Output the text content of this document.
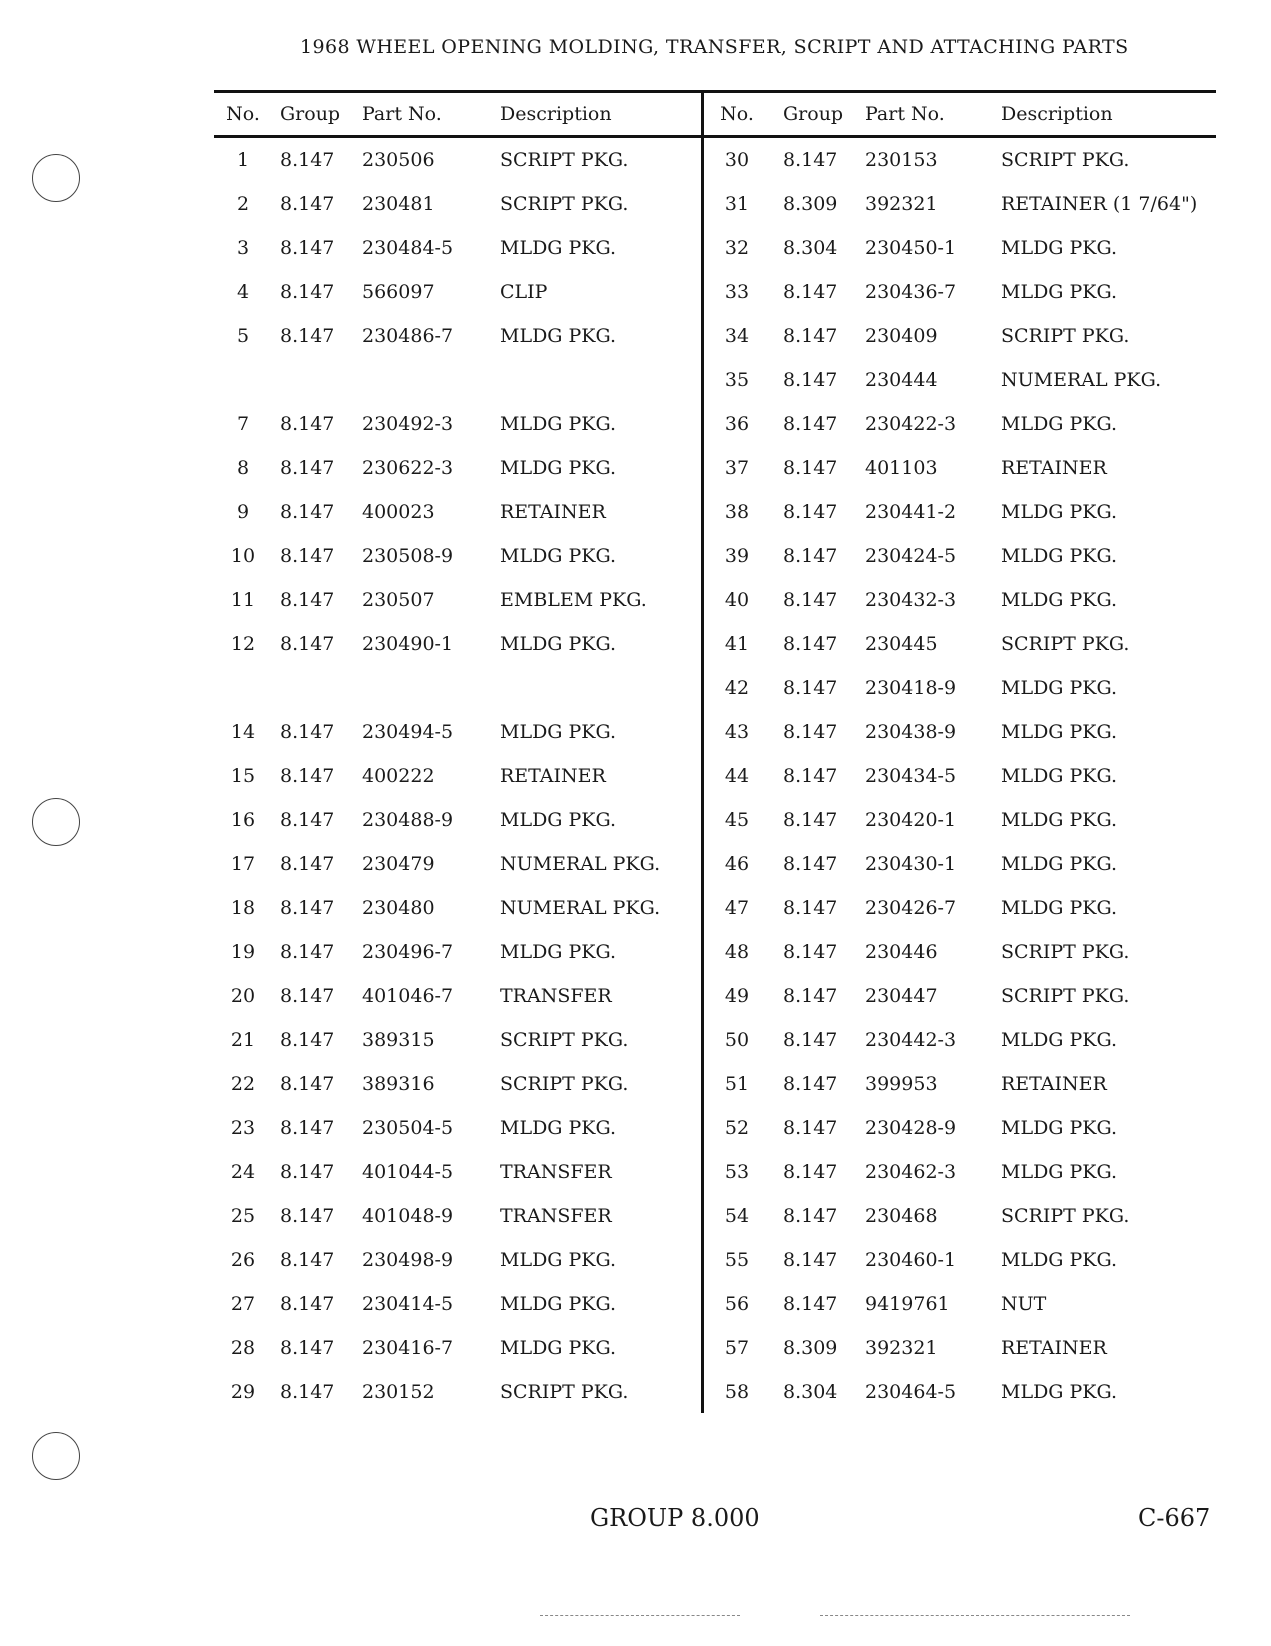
1968 WHEEL OPENING MOLDING, TRANSFER, SCRIPT AND ATTACHING PARTS
No.	Group	Part No.	Description
1	8.147	230506	SCRIPT PKG.
2	8.147	230481	SCRIPT PKG.
3	8.147	230484-5	MLDG PKG.
4	8.147	566097	CLIP
5	8.147	230486-7	MLDG PKG.
7	8.147	230492-3	MLDG PKG.
8	8.147	230622-3	MLDG PKG.
9	8.147	400023	RETAINER
10	8.147	230508-9	MLDG PKG.
11	8.147	230507	EMBLEM PKG.
12	8.147	230490-1	MLDG PKG.
14	8.147	230494-5	MLDG PKG.
15	8.147	400222	RETAINER
16	8.147	230488-9	MLDG PKG.
17	8.147	230479	NUMERAL PKG.
18	8.147	230480	NUMERAL PKG.
19	8.147	230496-7	MLDG PKG.
20	8.147	401046-7	TRANSFER
21	8.147	389315	SCRIPT PKG.
22	8.147	389316	SCRIPT PKG.
23	8.147	230504-5	MLDG PKG.
24	8.147	401044-5	TRANSFER
25	8.147	401048-9	TRANSFER
26	8.147	230498-9	MLDG PKG.
27	8.147	230414-5	MLDG PKG.
28	8.147	230416-7	MLDG PKG.
29	8.147	230152	SCRIPT PKG.
No.	Group	Part No.	Description
30	8.147	230153	SCRIPT PKG.
31	8.309	392321	RETAINER (1 7/64")
32	8.304	230450-1	MLDG PKG.
33	8.147	230436-7	MLDG PKG.
34	8.147	230409	SCRIPT PKG.
35	8.147	230444	NUMERAL PKG.
36	8.147	230422-3	MLDG PKG.
37	8.147	401103	RETAINER
38	8.147	230441-2	MLDG PKG.
39	8.147	230424-5	MLDG PKG.
40	8.147	230432-3	MLDG PKG.
41	8.147	230445	SCRIPT PKG.
42	8.147	230418-9	MLDG PKG.
43	8.147	230438-9	MLDG PKG.
44	8.147	230434-5	MLDG PKG.
45	8.147	230420-1	MLDG PKG.
46	8.147	230430-1	MLDG PKG.
47	8.147	230426-7	MLDG PKG.
48	8.147	230446	SCRIPT PKG.
49	8.147	230447	SCRIPT PKG.
50	8.147	230442-3	MLDG PKG.
51	8.147	399953	RETAINER
52	8.147	230428-9	MLDG PKG.
53	8.147	230462-3	MLDG PKG.
54	8.147	230468	SCRIPT PKG.
55	8.147	230460-1	MLDG PKG.
56	8.147	9419761	NUT
57	8.309	392321	RETAINER
58	8.304	230464-5	MLDG PKG.
GROUP 8.000	C-667
